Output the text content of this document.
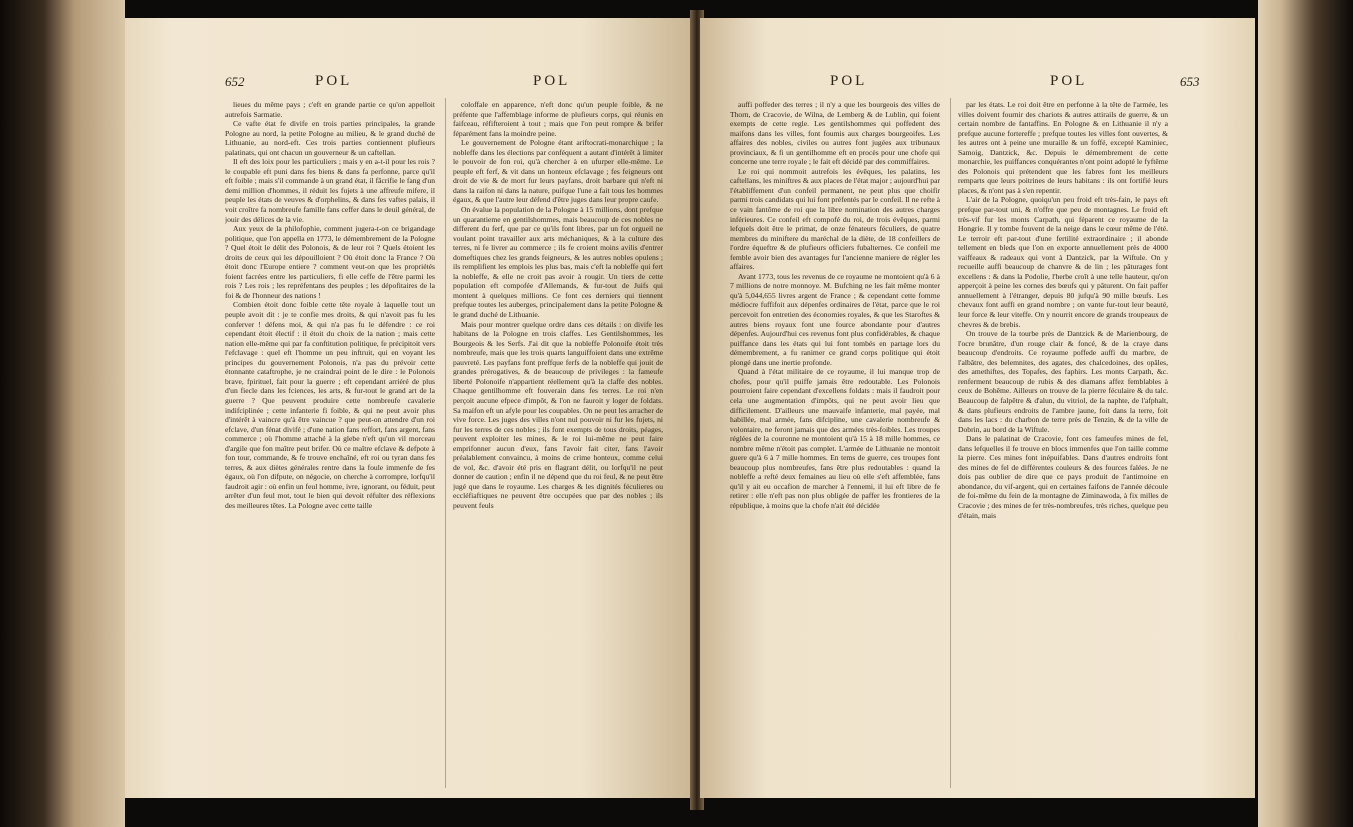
652	POL	POL

lieues du même pays ; c'eft en grande partie ce qu'on appelloit autrefois Sarmatie.

Ce vafte état fe divife en trois parties principales, la grande Pologne au nord, la petite Pologne au milieu, & le grand duché de Lithuanie, au nord-eft. Ces trois parties contiennent plufieurs palatinats, qui ont chacun un gouverneur & un caftellan.

Il eft des loix pour les particuliers ; mais y en a-t-il pour les rois ? le coupable eft puni dans fes biens & dans fa perfonne, parce qu'il eft foible ; mais s'il commande à un grand état, il fâcrifie le fang d'un demi million d'hommes, il réduit les fujets à une affreufe mifere, il peuple les états de veuves & d'orphelins, & dans fes vaftes palais, il voit croître fa nombreufe famille fans ceffer dans le deuil général, de jouir des délices de la vie.

Aux yeux de la philofophie, comment jugera-t-on ce brigandage politique, que l'on appella en 1773, le démembrement de la Pologne ? Quel étoit le délit des Polonois, & de leur roi ? Quels étoient les droits de ceux qui les dépouilloient ? Où étoit donc la France ? Où étoit donc l'Europe entiere ? comment veut-on que les propriétés foient facrées entre les particuliers, fi elle ceffe de l'être parmi les rois ? Les rois ; les repréfentans des peuples ; les dépofitaires de la foi & de l'honneur des nations !

Combien étoit donc foible cette tête royale à laquelle tout un peuple avoit dit : je te confie mes droits, & qui n'avoit pas fu les conferver ! défens moi, & qui n'a pas fu le défendre : ce roi cependant étoit électif : il étoit du choix de la nation ; mais cette nation elle-même qui par fa conftitution politique, fe précipitoit vers l'efclavage : quel eft l'homme un peu inftruit, qui en voyant les principes du gouvernement Polonois, n'a pas du prévoir cette étonnante cataftrophe, je ne craindrai point de le dire : le Polonois brave, fpirituel, fait pour la guerre ; eft cependant arriéré de plus d'un fiecle dans les fciences, les arts, & fur-tout le grand art de la guerre ? Que peuvent produire cette nombreufe cavalerie indifciplinée ; cette infanterie fi foible, & qui ne peut avoir plus d'intérêt à vaincre qu'à être vaincue ? que peut-on attendre d'un roi efclave, d'un fénat divifé ; d'une nation fans reffort, fans argent, fans commerce ; où l'homme attaché à la glebe n'eft qu'un vil morceau d'argile que fon maître peut brifer. Où ce maître efclave & defpote à fon tour, commande, & fe trouve enchaîné, eft roi ou tyran dans fes terres, & aux diètes générales rentre dans la foule immenfe de fes égaux, où l'on difpute, on négocie, on cherche à corrompre, lorfqu'il faudroit agir : où enfin un feul homme, ivre, ignorant, ou féduit, peut arrêter d'un feul mot, tout le bien qui devoit réfulter des réflexions des meilleures têtes. La Pologne avec cette taille

coloffale en apparence, n'eft donc qu'un peuple foible, & ne préfente que l'affemblage informe de plufieurs corps, qui réunis en faifceau, réfifteroient à tout ; mais que l'on peut rompre & brifer féparément fans la moindre peine.

Le gouvernement de Pologne étant ariftocrati-monarchique ; la nobleffe dans les élections par conféquent a autant d'intérêt à limiter le pouvoir de fon roi, qu'à chercher à en ufurper elle-même. Le peuple eft ferf, & vit dans un honteux efclavage ; fes feigneurs ont droit de vie & de mort fur leurs payfans, droit barbare qui n'eft ni dans la raifon ni dans la nature, puifque l'une a fait tous les hommes égaux, & que l'autre leur défend d'être juges dans leur propre caufe.

On évalue la population de la Pologne à 15 millions, dont prefque un quarantieme en gentilshommes, mais beaucoup de ces nobles ne different du ferf, que par ce qu'ils font libres, par un fot orgueil ne voulant point travailler aux arts méchaniques, & à la culture des terres, ni fe livrer au commerce ; ils fe croient moins avilis d'entrer domeftiques chez les grands feigneurs, & les autres nobles opulens ; ils remplifient les emplois les plus bas, mais c'eft la nobleffe qui fert la nobleffe, & elle ne croit pas avoir à rougir. Un tiers de cette population eft compofée d'Allemands, & fur-tout de Juifs qui montent à quelques millions. Ce font ces derniers qui tiennent prefque toutes les auberges, principalement dans la petite Pologne & le grand duché de Lithuanie.

Mais pour montrer quelque ordre dans ces détails : on divife les habitans de la Pologne en trois claffes. Les Gentilshommes, les Bourgeois & les Serfs. J'ai dit que la nobleffe Polonoife étoit très nombreufe, mais que les trois quarts languiffoient dans une extrême pauvreté. Les payfans font preffque ferfs de la nobleffe qui jouit de grandes prérogatives, & de beaucoup de privileges : la fameufe liberté Polonoife n'appartient réellement qu'à la claffe des nobles. Chaque gentilhomme eft fouverain dans fes terres. Le roi n'en perçoit aucune efpece d'impôt, & l'on ne fauroit y loger de foldats. Sa maifon eft un afyle pour les coupables. On ne peut les arracher de vive force. Les juges des villes n'ont nul pouvoir ni fur les fujets, ni fur les terres de ces nobles ; ils font exempts de tous droits, péages, peuvent exploiter les mines, & le roi lui-même ne peut faire emprifonner aucun d'eux, fans l'avoir fait citer, fans l'avoir préalablement convaincu, à moins de crime honteux, comme celui de vol, &c. d'avoir été pris en flagrant délit, ou lorfqu'il ne peut donner de caution ; enfin il ne dépend que du roi feul, & ne peut être jugé que dans le royaume. Les charges & les dignités féculieres ou eccléfiaftiques ne peuvent être occupées que par des nobles ; ils peuvent feuls

POL	POL	653

auffi poffeder des terres ; il n'y a que les bourgeois des villes de Thorn, de Cracovie, de Wilna, de Lemberg & de Lublin, qui foient exempts de cette regle. Les gentilshommes qui poffedent des maifons dans les villes, font foumis aux charges bourgeoifes. Les affaires des nobles, civiles ou autres font jugées aux tribunaux provinciaux, & fi un gentilhomme eft en procès pour une chofe qui concerne une terre royale ; le fait eft décidé par des commiffaires.

Le roi qui nommoit autrefois les évêques, les palatins, les caftellans, les miniftres & aux places de l'état major ; aujourd'hui par l'établiffement d'un confeil permanent, ne peut plus que choifir parmi trois candidats qui lui font préfentés par le confeil. Il ne refte à ce vain fantôme de roi que la libre nomination des autres charges inférieures. Ce confeil eft compofé du roi, de trois évêques, parmi lefquels doit être le primat, de onze fénateurs féculiers, de quatre membres du miniftere du maréchal de la diète, de 18 confeillers de l'ordre équeftre & de plufieurs officiers fubalternes. Ce confeil me femble avoir bien des avantages fur l'ancienne maniere de régler les affaires.

Avant 1773, tous les revenus de ce royaume ne montoient qu'à 6 à 7 millions de notre monnoye. M. Bufching ne les fait même monter qu'à 5,044,655 livres argent de France ; & cependant cette fomme médiocre fuffifoit aux dépenfes ordinaires de l'état, parce que le roi percevoit fon entretien des économies royales, & que les Staroftes & autres biens royaux font une fource abondante pour d'autres dépenfes. Aujourd'hui ces revenus font plus confidérables, & chaque puiffance dans les états qui lui font tombés en partage lors du démembrement, a fu ranimer ce grand corps politique qui étoit plongé dans une inertie profonde.

Quand à l'état militaire de ce royaume, il lui manque trop de chofes, pour qu'il puiffe jamais être redoutable. Les Polonois pourroient faire cependant d'excellens foldats : mais il faudroit pour cela une augmentation d'impôts, qui ne peut avoir lieu que difficilement. D'ailleurs une mauvaife infanterie, mal payée, mal habillée, mal armée, fans difcipline, une cavalerie nombreufe & volontaire, ne feront jamais que des armées très-foibles. Les troupes réglées de la couronne ne montoient qu'à 15 à 18 mille hommes, ce nombre même n'étoit pas complet. L'armée de Lithuanie ne montoit guere qu'à 6 à 7 mille hommes. En tems de guerre, ces troupes font beaucoup plus nombreufes, fans être plus redoutables : quand la nobleffe a refté deux femaines au lieu où elle s'eft affemblée, fans qu'il y ait eu occafion de marcher à l'ennemi, il lui eft libre de fe retirer : elle n'eft pas non plus obligée de paffer les frontieres de la république, à moins que la chofe n'ait été décidée

par les états. Le roi doit être en perfonne à la tête de l'armée, les villes doivent fournir des chariots & autres attirails de guerre, & un certain nombre de fantaffins. En Pologne & en Lithuanie il n'y a prefque aucune fortereffe ; prefque toutes les villes font ouvertes, & les autres ont à peine une muraille & un foffé, excepté Kaminiec, Samoig, Dantzick, &c. Depuis le démembrement de cette monarchie, les puiffances conquérantes n'ont point adopté le fyftême des Polonois qui prétendent que les fabres font les meilleurs remparts que leurs poitrines de leurs habitans : ils ont fortifié leurs places, & n'ont pas à s'en repentir.

L'air de la Pologne, quoiqu'un peu froid eft très-fain, le pays eft prefque par-tout uni, & n'offre que peu de montagnes. Le froid eft très-vif fur les monts Carpath, qui féparent ce royaume de la Hongrie. Il y tombe fouvent de la neige dans le cœur même de l'été. Le terroir eft par-tout d'une fertilité extraordinaire ; il abonde tellement en bleds que l'on en exporte annuellement près de 4000 vaiffeaux & radeaux qui vont à Dantzick, par la Wiftule. On y recueille auffi beaucoup de chanvre & de lin ; les pâturages font excellens : & dans la Podolie, l'herbe croît à une telle hauteur, qu'on apperçoit à peine les cornes des bœufs qui y pâturent. On fait paffer annuellement à l'étranger, depuis 80 jufqu'à 90 mille bœufs. Les chevaux font auffi en grand nombre ; on vante fur-tout leur beauté, leur force & leur viteffe. On y nourrit encore de grands troupeaux de chevres & de brebis.

On trouve de la tourbe près de Dantzick & de Marienbourg, de l'ocre brunâtre, d'un rouge clair & foncé, & de la craye dans beaucoup d'endroits. Ce royaume poffede auffi du marbre, de l'albâtre, des belemnites, des agates, des chalcedoines, des opâles, des amethiftes, des Topafes, des faphirs. Les monts Carpath, &c. renferment beaucoup de rubis & des diamans affez femblables à ceux de Bohême. Ailleurs on trouve de la pierre féculaire & du talc. Beaucoup de falpêtre & d'alun, du vitriol, de la naphte, de l'afphalt, & dans plufieurs endroits de l'ambre jaune, foit dans la terre, foit dans les lacs : du charbon de terre près de Tenzin, & de la ville de Dobrin, au bord de la Wiftule.

Dans le palatinat de Cracovie, font ces fameufes mines de fel, dans lefquelles il fe trouve en blocs immenfes que l'on taille comme la pierre. Ces mines font inépuifables. Dans d'autres endroits font des mines de fel de différentes couleurs & des fources falées. Je ne dois pas oublier de dire que ce pays produit de l'antimoine en abondance, du vif-argent, qui en certaines faifons de l'année découle de foi-même du fein de la montagne de Ziminawoda, à fix milles de Cracovie ; des mines de fer très-nombreufes, très riches, quelque peu d'étain, mais
